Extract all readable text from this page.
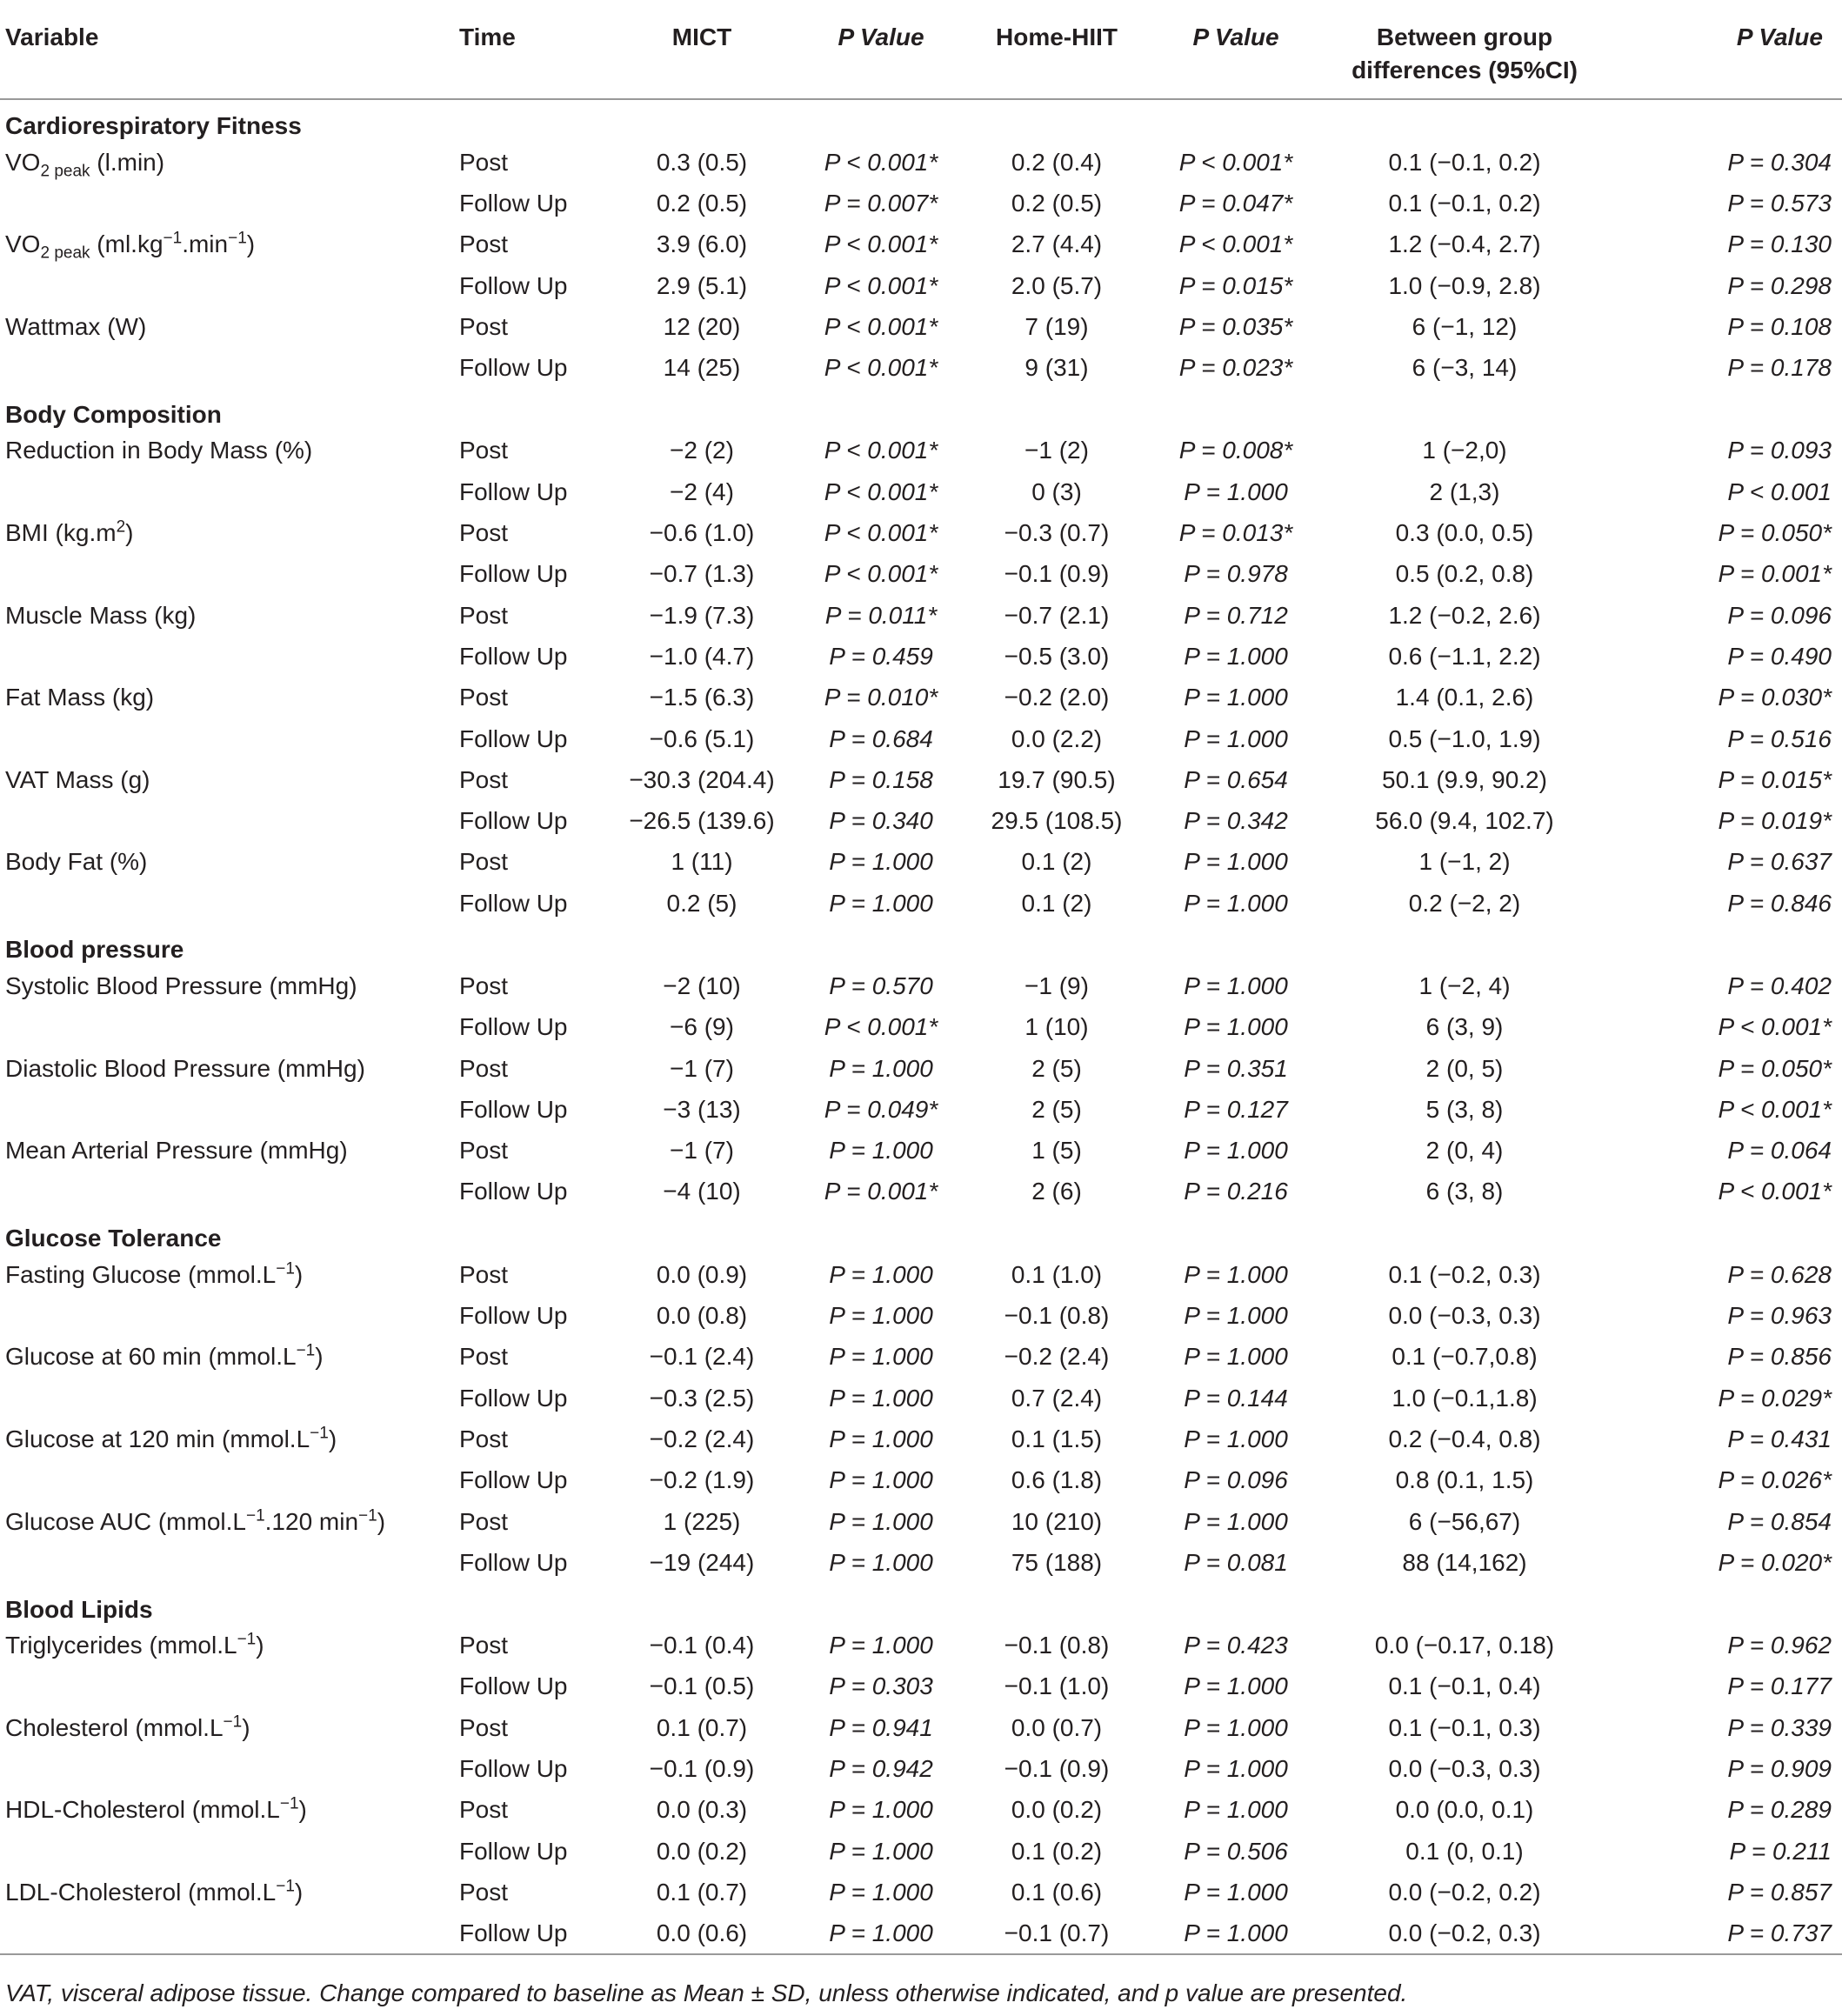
Variable	Time	MICT	P Value	Home-HIIT	P Value	Between group
differences (95%CI)	P Value
Cardiorespiratory Fitness							
$VO_{2 peak}$ (l.min)	Post	0.3 (0.5)	P < 0.001*	0.2 (0.4)	P < 0.001*	0.1 (−0.1, 0.2)	P = 0.304
	Follow Up	0.2 (0.5)	P = 0.007*	0.2 (0.5)	P = 0.047*	0.1 (−0.1, 0.2)	P = 0.573
$VO_{2 peak}$ $(ml.kg^{-1}.\min^{-1})$	Post	3.9 (6.0)	P < 0.001*	2.7 (4.4)	P < 0.001*	1.2 (−0.4, 2.7)	P = 0.130
	Follow Up	2.9 (5.1)	P < 0.001*	2.0 (5.7)	P = 0.015*	1.0 (−0.9, 2.8)	P = 0.298
Wattmax (W)	Post	12 (20)	P < 0.001*	7 (19)	P = 0.035*	6 (−1, 12)	P = 0.108
	Follow Up	14 (25)	P < 0.001*	9 (31)	P = 0.023*	6 (−3, 14)	P = 0.178
Body Composition							
Reduction in Body Mass (%)	Post	−2 (2)	P < 0.001*	−1 (2)	P = 0.008*	1 (−2,0)	P = 0.093
	Follow Up	−2 (4)	P < 0.001*	0 (3)	P = 1.000	2 (1,3)	P < 0.001
BMI $(kg.m^2)$	Post	−0.6 (1.0)	P < 0.001*	−0.3 (0.7)	P = 0.013*	0.3 (0.0, 0.5)	P = 0.050*
	Follow Up	−0.7 (1.3)	P < 0.001*	−0.1 (0.9)	P = 0.978	0.5 (0.2, 0.8)	P = 0.001*
Muscle Mass (kg)	Post	−1.9 (7.3)	P = 0.011*	−0.7 (2.1)	P = 0.712	1.2 (−0.2, 2.6)	P = 0.096
	Follow Up	−1.0 (4.7)	P = 0.459	−0.5 (3.0)	P = 1.000	0.6 (−1.1, 2.2)	P = 0.490
Fat Mass (kg)	Post	−1.5 (6.3)	P = 0.010*	−0.2 (2.0)	P = 1.000	1.4 (0.1, 2.6)	P = 0.030*
	Follow Up	−0.6 (5.1)	P = 0.684	0.0 (2.2)	P = 1.000	0.5 (−1.0, 1.9)	P = 0.516
VAT Mass (g)	Post	−30.3 (204.4)	P = 0.158	19.7 (90.5)	P = 0.654	50.1 (9.9, 90.2)	P = 0.015*
	Follow Up	−26.5 (139.6)	P = 0.340	29.5 (108.5)	P = 0.342	56.0 (9.4, 102.7)	P = 0.019*
Body Fat (%)	Post	1 (11)	P = 1.000	0.1 (2)	P = 1.000	1 (−1, 2)	P = 0.637
	Follow Up	0.2 (5)	P = 1.000	0.1 (2)	P = 1.000	0.2 (−2, 2)	P = 0.846
Blood pressure							
Systolic Blood Pressure (mmHg)	Post	−2 (10)	P = 0.570	−1 (9)	P = 1.000	1 (−2, 4)	P = 0.402
	Follow Up	−6 (9)	P < 0.001*	1 (10)	P = 1.000	6 (3, 9)	P < 0.001*
Diastolic Blood Pressure (mmHg)	Post	−1 (7)	P = 1.000	2 (5)	P = 0.351	2 (0, 5)	P = 0.050*
	Follow Up	−3 (13)	P = 0.049*	2 (5)	P = 0.127	5 (3, 8)	P < 0.001*
Mean Arterial Pressure (mmHg)	Post	−1 (7)	P = 1.000	1 (5)	P = 1.000	2 (0, 4)	P = 0.064
	Follow Up	−4 (10)	P = 0.001*	2 (6)	P = 0.216	6 (3, 8)	P < 0.001*
Glucose Tolerance							
Fasting Glucose $(mmol.L^{-1})$	Post	0.0 (0.9)	P = 1.000	0.1 (1.0)	P = 1.000	0.1 (−0.2, 0.3)	P = 0.628
	Follow Up	0.0 (0.8)	P = 1.000	−0.1 (0.8)	P = 1.000	0.0 (−0.3, 0.3)	P = 0.963
Glucose at 60 $\min (mmol.L^{-1})$	Post	−0.1 (2.4)	P = 1.000	−0.2 (2.4)	P = 1.000	0.1 (−0.7,0.8)	P = 0.856
	Follow Up	−0.3 (2.5)	P = 1.000	0.7 (2.4)	P = 0.144	1.0 (−0.1,1.8)	P = 0.029*
Glucose at 120 $\min (mmol.L^{-1})$	Post	−0.2 (2.4)	P = 1.000	0.1 (1.5)	P = 1.000	0.2 (−0.4, 0.8)	P = 0.431
	Follow Up	−0.2 (1.9)	P = 1.000	0.6 (1.8)	P = 0.096	0.8 (0.1, 1.5)	P = 0.026*
Glucose AUC ($mmol.L^{-1}.120$ $\min^{-1}$)	Post	1 (225)	P = 1.000	10 (210)	P = 1.000	6 (−56,67)	P = 0.854
	Follow Up	−19 (244)	P = 1.000	75 (188)	P = 0.081	88 (14,162)	P = 0.020*
Blood Lipids							
Triglycerides $(mmol.L^{-1})$	Post	−0.1 (0.4)	P = 1.000	−0.1 (0.8)	P = 0.423	0.0 (−0.17, 0.18)	P = 0.962
	Follow Up	−0.1 (0.5)	P = 0.303	−0.1 (1.0)	P = 1.000	0.1 (−0.1, 0.4)	P = 0.177
Cholesterol $(mmol.L^{-1})$	Post	0.1 (0.7)	P = 0.941	0.0 (0.7)	P = 1.000	0.1 (−0.1, 0.3)	P = 0.339
	Follow Up	−0.1 (0.9)	P = 0.942	−0.1 (0.9)	P = 1.000	0.0 (−0.3, 0.3)	P = 0.909
HDL-Cholesterol $(mmol.L^{-1})$	Post	0.0 (0.3)	P = 1.000	0.0 (0.2)	P = 1.000	0.0 (0.0, 0.1)	P = 0.289
	Follow Up	0.0 (0.2)	P = 1.000	0.1 (0.2)	P = 0.506	0.1 (0, 0.1)	P = 0.211
LDL-Cholesterol $(mmol.L^{-1})$	Post	0.1 (0.7)	P = 1.000	0.1 (0.6)	P = 1.000	0.0 (−0.2, 0.2)	P = 0.857
	Follow Up	0.0 (0.6)	P = 1.000	−0.1 (0.7)	P = 1.000	0.0 (−0.2, 0.3)	P = 0.737
VAT, visceral adipose tissue. Change compared to baseline as Mean ± SD, unless otherwise indicated, and p value are presented.
